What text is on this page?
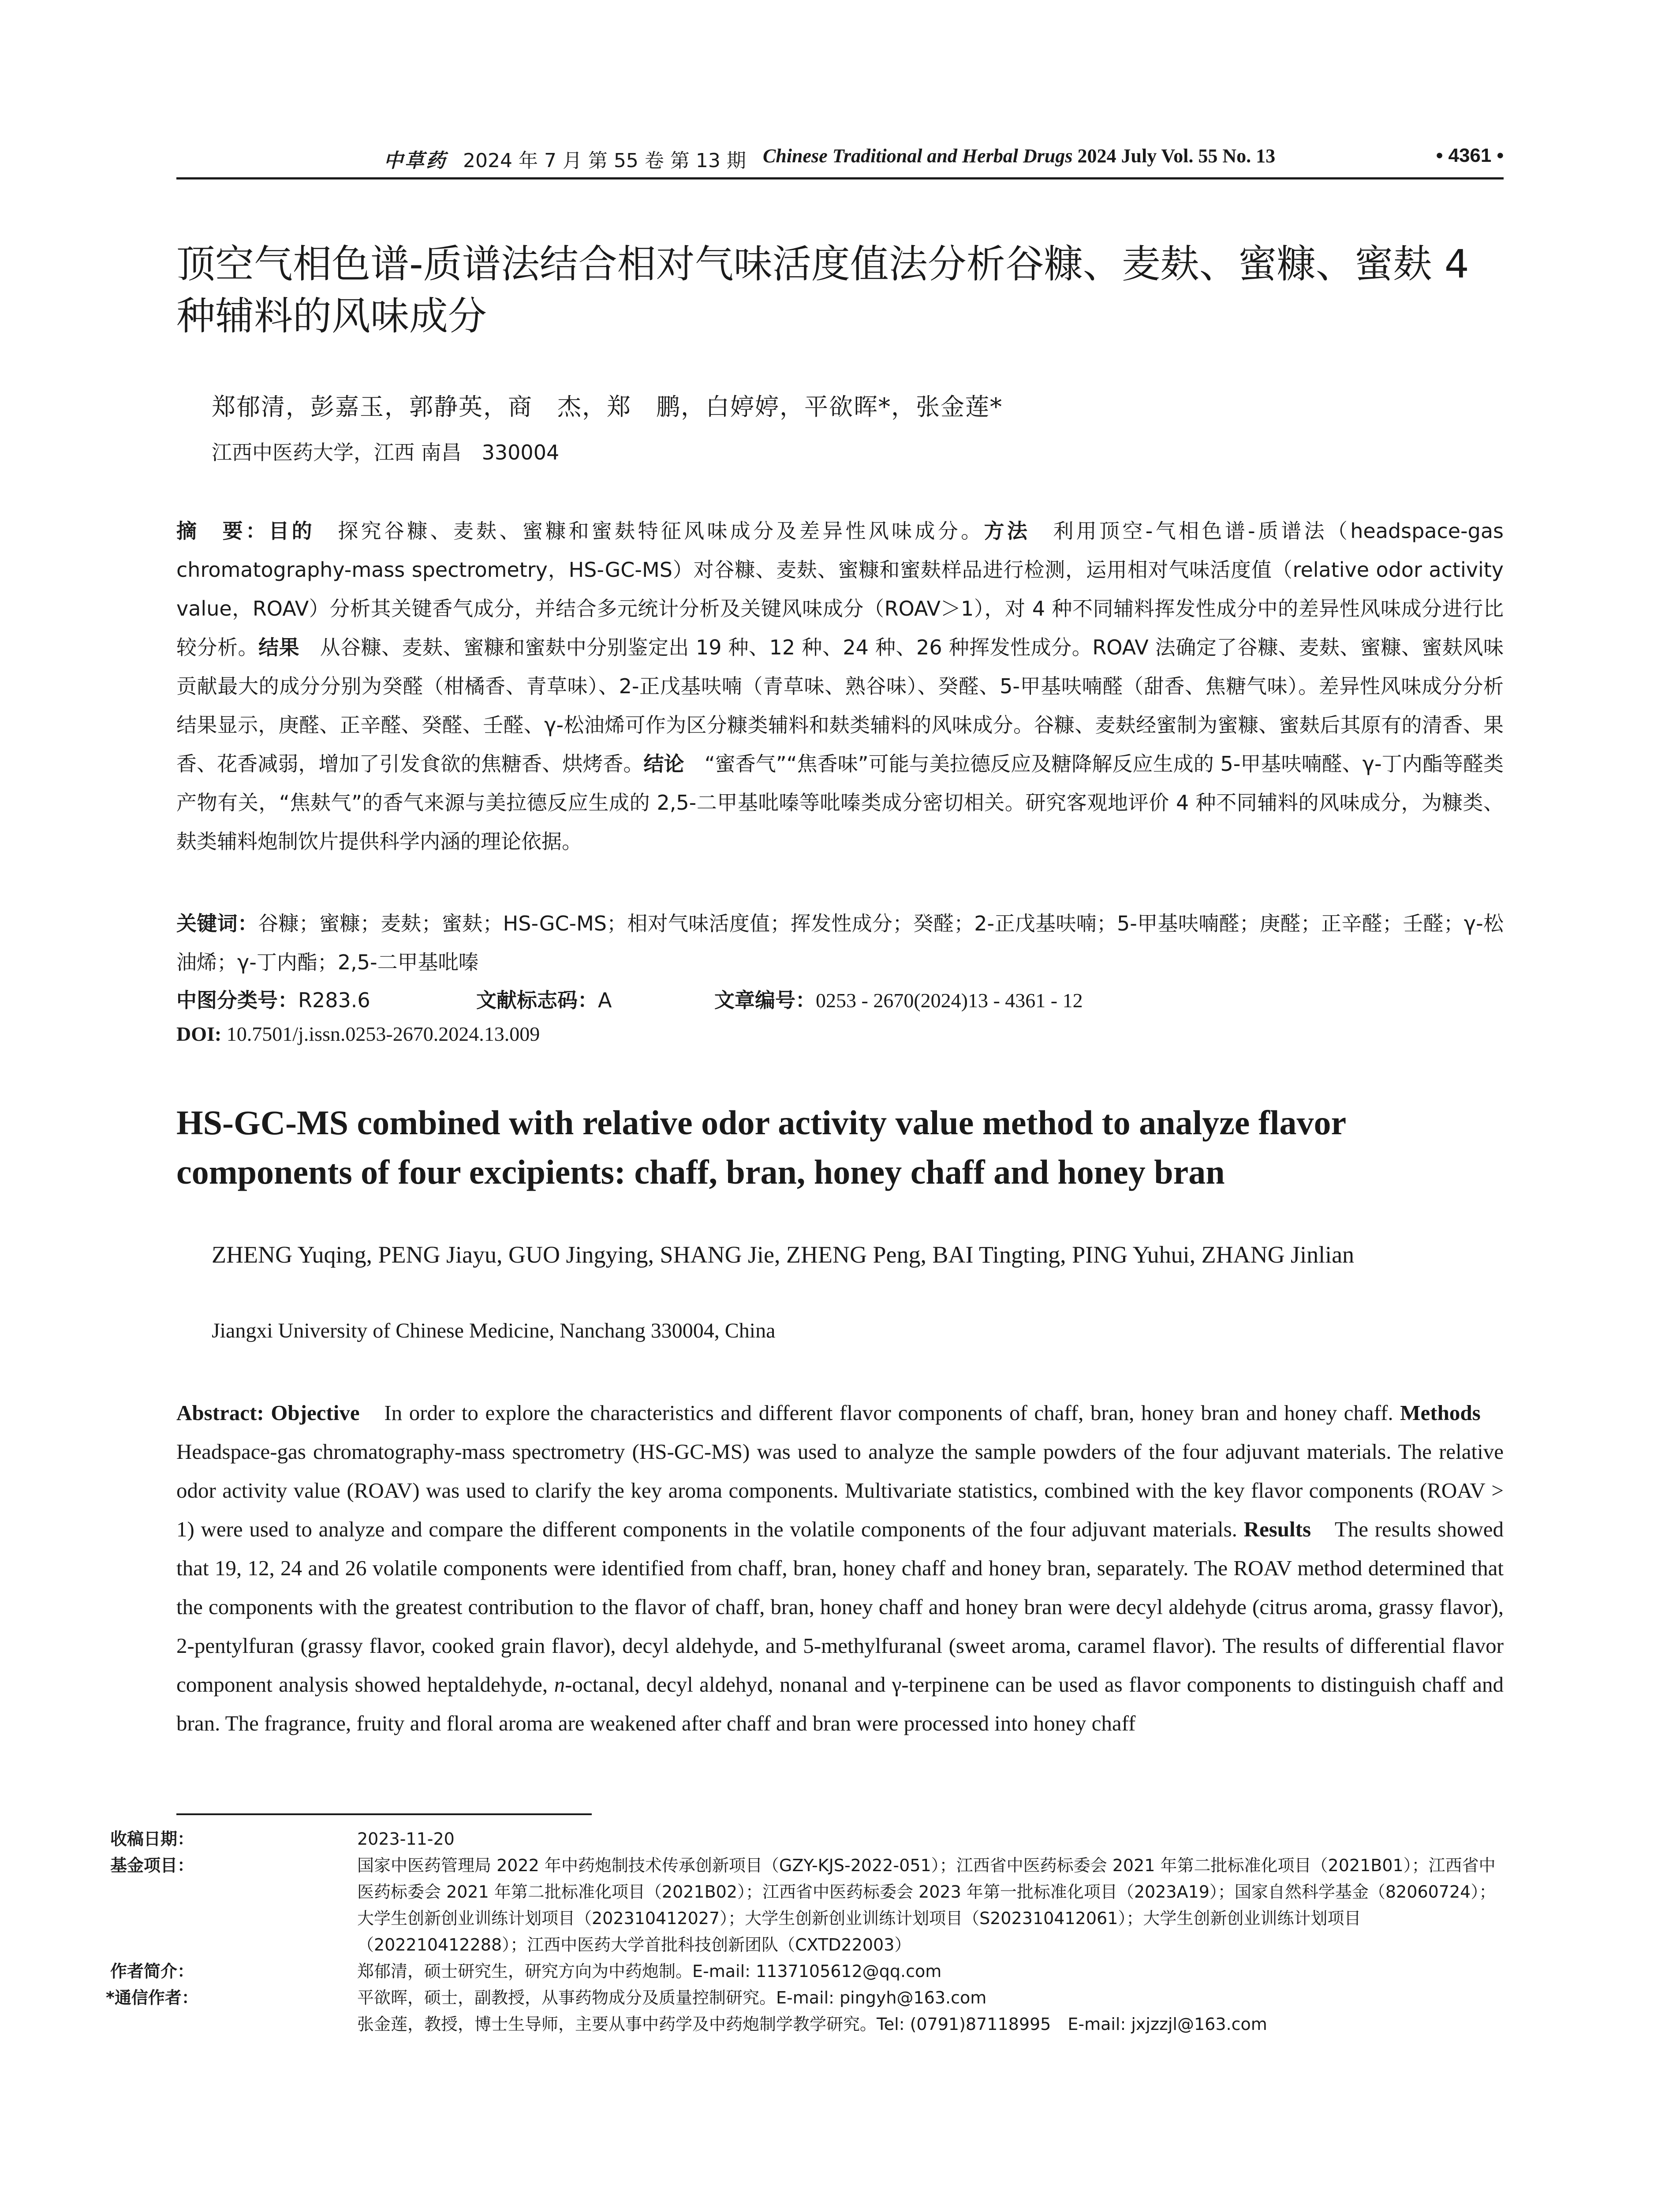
中草药 2024 年 7 月 第 55 卷 第 13 期 Chinese Traditional and Herbal Drugs 2024 July Vol. 55 No. 13	• 4361 •
顶空气相色谱-质谱法结合相对气味活度值法分析谷糠、麦麸、蜜糠、蜜麸 4 种辅料的风味成分
郑郁清，彭嘉玉，郭静英，商　杰，郑　鹏，白婷婷，平欲晖*，张金莲*
江西中医药大学，江西 南昌　330004
摘　要：目的　探究谷糠、麦麸、蜜糠和蜜麸特征风味成分及差异性风味成分。方法　利用顶空-气相色谱-质谱法（headspace-gas chromatography-mass spectrometry，HS-GC-MS）对谷糠、麦麸、蜜糠和蜜麸样品进行检测，运用相对气味活度值（relative odor activity value，ROAV）分析其关键香气成分，并结合多元统计分析及关键风味成分（ROAV＞1），对 4 种不同辅料挥发性成分中的差异性风味成分进行比较分析。结果　从谷糠、麦麸、蜜糠和蜜麸中分别鉴定出 19 种、12 种、24 种、26 种挥发性成分。ROAV 法确定了谷糠、麦麸、蜜糠、蜜麸风味贡献最大的成分分别为癸醛（柑橘香、青草味）、2-正戊基呋喃（青草味、熟谷味）、癸醛、5-甲基呋喃醛（甜香、焦糖气味）。差异性风味成分分析结果显示，庚醛、正辛醛、癸醛、壬醛、γ-松油烯可作为区分糠类辅料和麸类辅料的风味成分。谷糠、麦麸经蜜制为蜜糠、蜜麸后其原有的清香、果香、花香减弱，增加了引发食欲的焦糖香、烘烤香。结论　“蜜香气”“焦香味”可能与美拉德反应及糖降解反应生成的 5-甲基呋喃醛、γ-丁内酯等醛类产物有关，“焦麸气”的香气来源与美拉德反应生成的 2,5-二甲基吡嗪等吡嗪类成分密切相关。研究客观地评价 4 种不同辅料的风味成分，为糠类、麸类辅料炮制饮片提供科学内涵的理论依据。
关键词：谷糠；蜜糠；麦麸；蜜麸；HS-GC-MS；相对气味活度值；挥发性成分；癸醛；2-正戊基呋喃；5-甲基呋喃醛；庚醛；正辛醛；壬醛；γ-松油烯；γ-丁内酯；2,5-二甲基吡嗪
中图分类号：R283.6	文献标志码：A	文章编号：0253 - 2670(2024)13 - 4361 - 12
DOI: 10.7501/j.issn.0253-2670.2024.13.009
HS-GC-MS combined with relative odor activity value method to analyze flavor components of four excipients: chaff, bran, honey chaff and honey bran
ZHENG Yuqing, PENG Jiayu, GUO Jingying, SHANG Jie, ZHENG Peng, BAI Tingting, PING Yuhui, ZHANG Jinlian
Jiangxi University of Chinese Medicine, Nanchang 330004, China
Abstract: Objective　In order to explore the characteristics and different flavor components of chaff, bran, honey bran and honey chaff. Methods　Headspace-gas chromatography-mass spectrometry (HS-GC-MS) was used to analyze the sample powders of the four adjuvant materials. The relative odor activity value (ROAV) was used to clarify the key aroma components. Multivariate statistics, combined with the key flavor components (ROAV > 1) were used to analyze and compare the different components in the volatile components of the four adjuvant materials. Results　The results showed that 19, 12, 24 and 26 volatile components were identified from chaff, bran, honey chaff and honey bran, separately. The ROAV method determined that the components with the greatest contribution to the flavor of chaff, bran, honey chaff and honey bran were decyl aldehyde (citrus aroma, grassy flavor), 2-pentylfuran (grassy flavor, cooked grain flavor), decyl aldehyde, and 5-methylfuranal (sweet aroma, caramel flavor). The results of differential flavor component analysis showed heptaldehyde, n-octanal, decyl aldehyd, nonanal and γ-terpinene can be used as flavor components to distinguish chaff and bran. The fragrance, fruity and floral aroma are weakened after chaff and bran were processed into honey chaff
收稿日期：	2023-11-20
基金项目：	国家中医药管理局 2022 年中药炮制技术传承创新项目（GZY-KJS-2022-051）；江西省中医药标委会 2021 年第二批标准化项目（2021B01）；江西省中医药标委会 2021 年第二批标准化项目（2021B02）；江西省中医药标委会 2023 年第一批标准化项目（2023A19）；国家自然科学基金（82060724）；大学生创新创业训练计划项目（202310412027）；大学生创新创业训练计划项目（S202310412061）；大学生创新创业训练计划项目（202210412288）；江西中医药大学首批科技创新团队（CXTD22003）
作者简介：	郑郁清，硕士研究生，研究方向为中药炮制。E-mail: 1137105612@qq.com
*通信作者：	平欲晖，硕士，副教授，从事药物成分及质量控制研究。E-mail: pingyh@163.com
张金莲，教授，博士生导师，主要从事中药学及中药炮制学教学研究。Tel: (0791)87118995　E-mail: jxjzzjl@163.com
